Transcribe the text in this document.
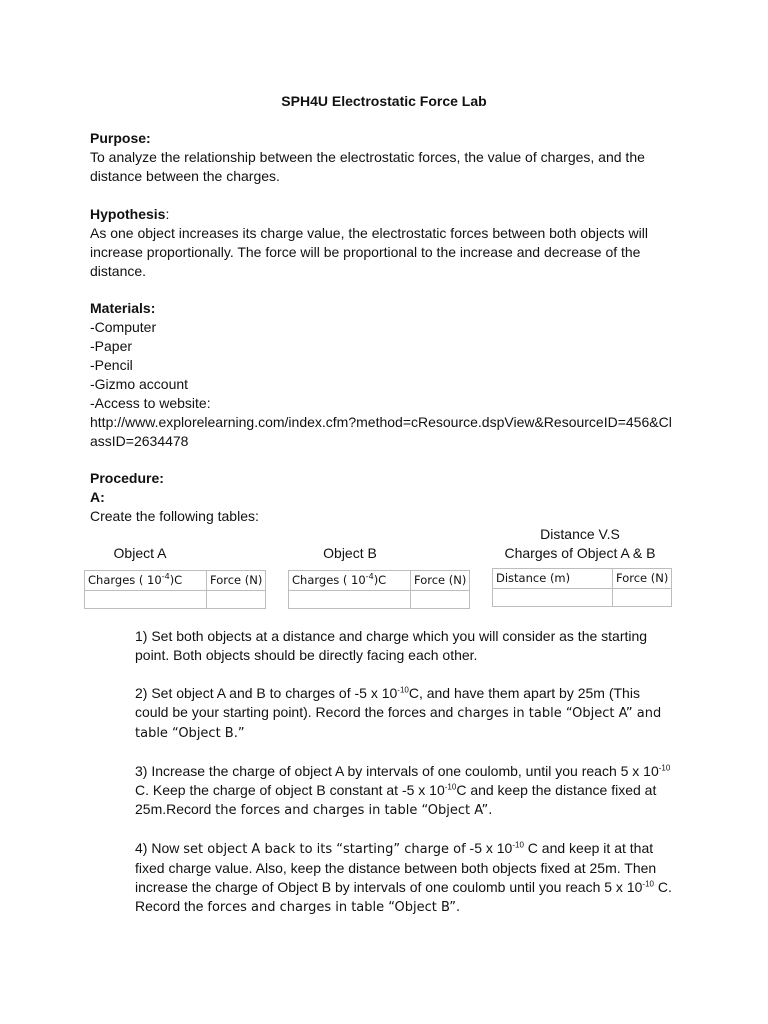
SPH4U Electrostatic Force Lab
Purpose:
To analyze the relationship between the electrostatic forces, the value of charges, and the distance between the charges.
Hypothesis:
As one object increases its charge value, the electrostatic forces between both objects will increase proportionally. The force will be proportional to the increase and decrease of the distance.
Materials:
-Computer
-Paper
-Pencil
-Gizmo account
-Access to website:
http://www.explorelearning.com/index.cfm?method=cResource.dspView&ResourceID=456&ClassID=2634478
Procedure:
A:
Create the following tables:
Object A	Object B
Distance V.S
Charges of Object A & B
Charges ( $10^{-4})C$	Force (N)
		Charges ( $10^{-4})C$	Force (N)
		Distance (m)	Force (N)

1) Set both objects at a distance and charge which you will consider as the starting point. Both objects should be directly facing each other.

2) Set object A and B to charges of -5 x $10^{-10}C$, and have them apart by 25m (This could be your starting point). Record the forces and charges in table “Object A” and table “Object B.”

3) Increase the charge of object A by intervals of one coulomb, until you reach 5 x $10^{-10}$ C. Keep the charge of object B constant at -5 x $10^{-10}C$ and keep the distance fixed at 25m.Record the forces and charges in table “Object A”.

4) Now set object A back to its “starting” charge of -5 x $10^{-10}$ C and keep it at that fixed charge value. Also, keep the distance between both objects fixed at 25m. Then increase the charge of Object B by intervals of one coulomb until you reach 5 x $10^{-10}$ C. Record the forces and charges in table “Object B”.
